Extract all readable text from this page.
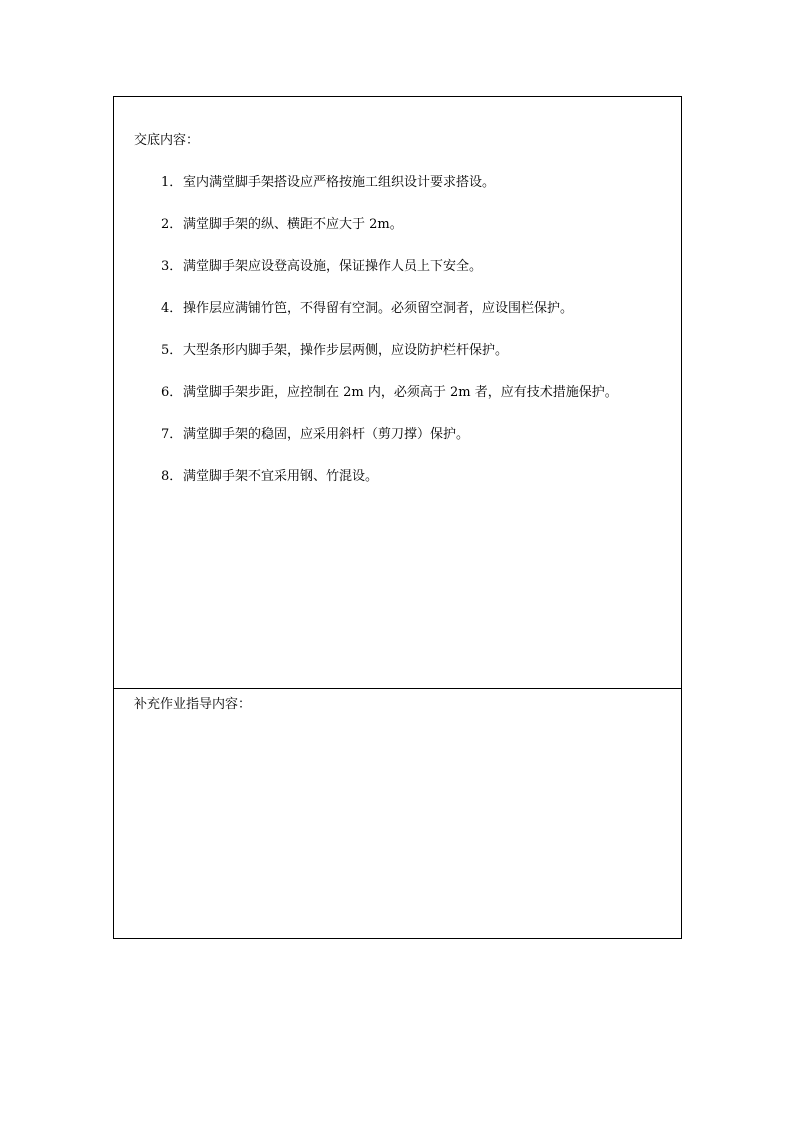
交底内容：
1．室内满堂脚手架搭设应严格按施工组织设计要求搭设。
2．满堂脚手架的纵、横距不应大于 2m。
3．满堂脚手架应设登高设施，保证操作人员上下安全。
4．操作层应满铺竹笆，不得留有空洞。必须留空洞者，应设围栏保护。
5．大型条形内脚手架，操作步层两侧，应设防护栏杆保护。
6．满堂脚手架步距，应控制在 2m 内，必须高于 2m 者，应有技术措施保护。
7．满堂脚手架的稳固，应采用斜杆（剪刀撑）保护。
8．满堂脚手架不宜采用钢、竹混设。
补充作业指导内容：
